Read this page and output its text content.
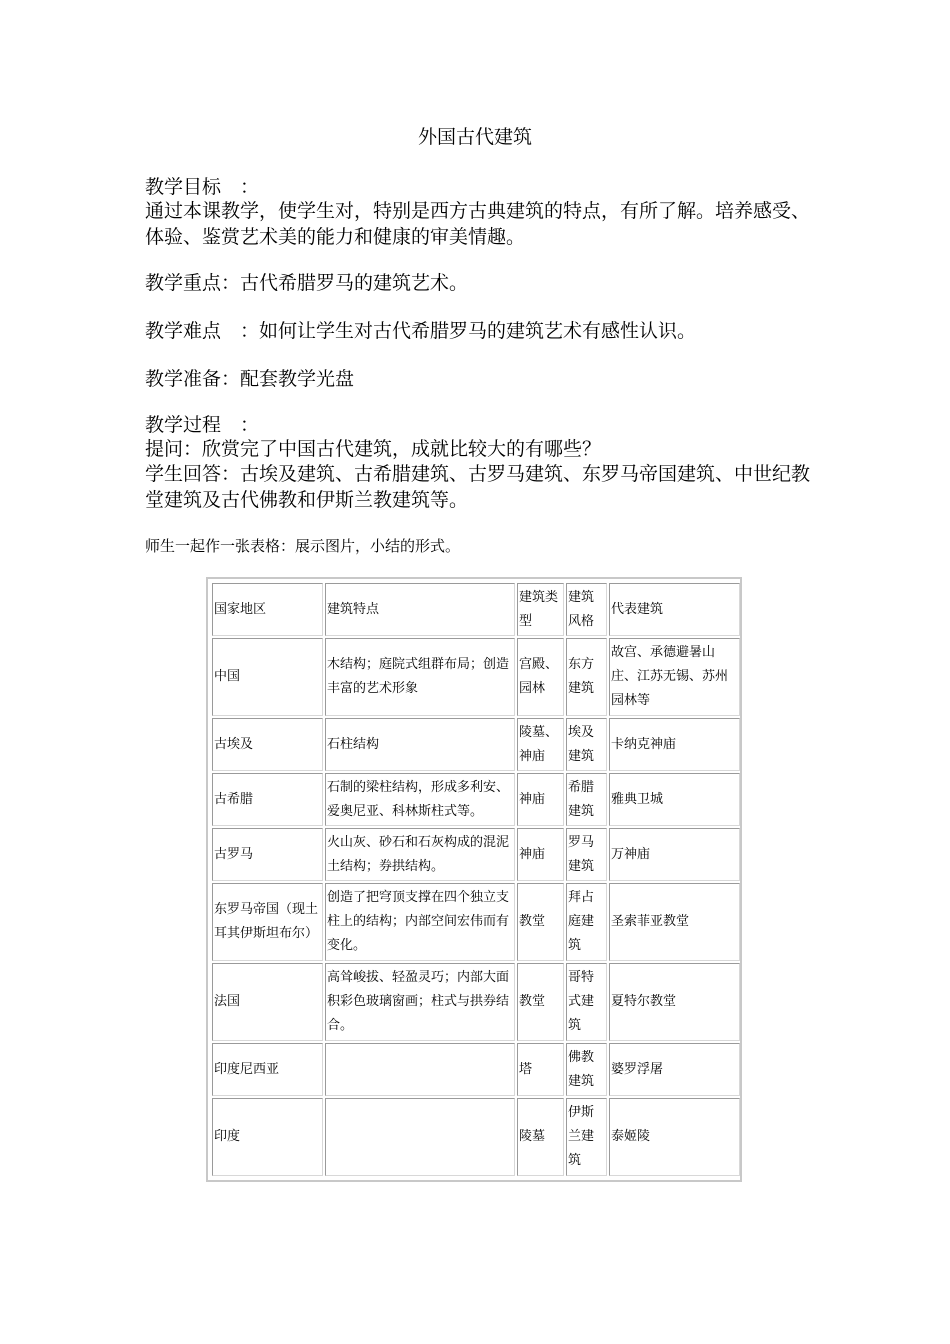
外国古代建筑
教学目标　：
通过本课教学，使学生对，特别是西方古典建筑的特点，有所了解。培养感受、体验、鉴赏艺术美的能力和健康的审美情趣。
教学重点：古代希腊罗马的建筑艺术。
教学难点　：如何让学生对古代希腊罗马的建筑艺术有感性认识。
教学准备：配套教学光盘
教学过程　：
提问：欣赏完了中国古代建筑，成就比较大的有哪些？
学生回答：古埃及建筑、古希腊建筑、古罗马建筑、东罗马帝国建筑、中世纪教堂建筑及古代佛教和伊斯兰教建筑等。
师生一起作一张表格：展示图片，小结的形式。
国家地区	建筑特点	建筑类型	建筑风格	代表建筑
中国	木结构；庭院式组群布局；创造丰富的艺术形象	宫殿、园林	东方建筑	故宫、承德避暑山庄、江苏无锡、苏州园林等
古埃及	石柱结构	陵墓、神庙	埃及建筑	卡纳克神庙
古希腊	石制的梁柱结构，形成多利安、爱奥尼亚、科林斯柱式等。	神庙	希腊建筑	雅典卫城
古罗马	火山灰、砂石和石灰构成的混泥土结构；券拱结构。	神庙	罗马建筑	万神庙
东罗马帝国（现土耳其伊斯坦布尔）	创造了把穹顶支撑在四个独立支柱上的结构；内部空间宏伟而有变化。	教堂	拜占庭建筑	圣索菲亚教堂
法国	高耸峻拔、轻盈灵巧；内部大面积彩色玻璃窗画；柱式与拱券结合。	教堂	哥特式建筑	夏特尔教堂
印度尼西亚		塔	佛教建筑	婆罗浮屠
印度		陵墓	伊斯兰建筑	泰姬陵
